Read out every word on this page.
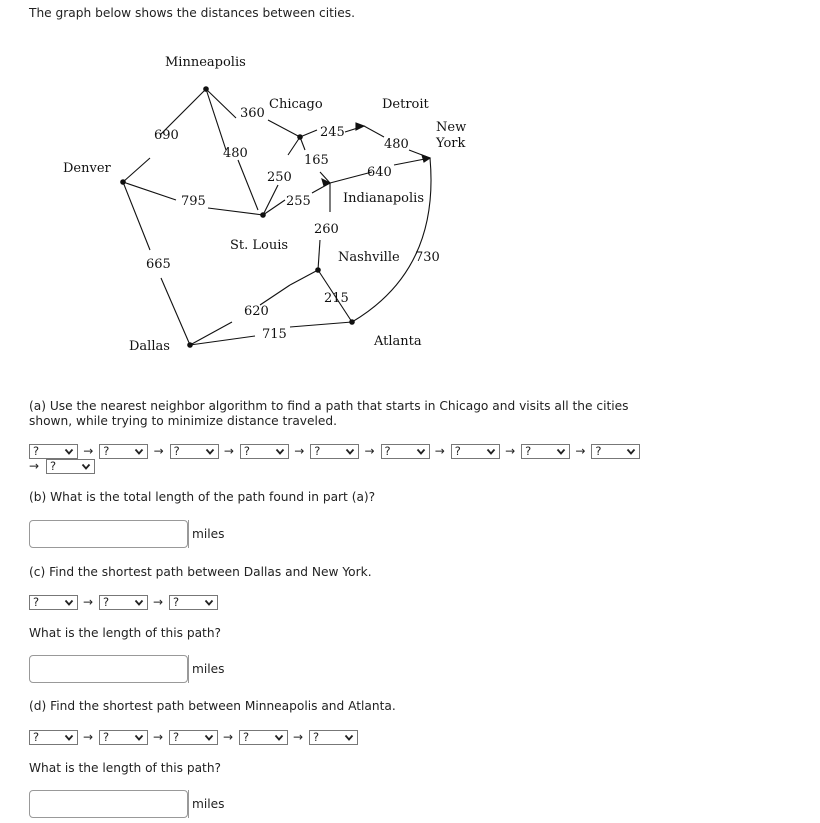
The graph below shows the distances between cities.
Minneapolis
Chicago	Detroit
New
York
Denver
Indianapolis
St. Louis
Nashville
Dallas	Atlanta
360
245
690
480
480	165
640
250
795	255
260
730
665
215
620
715
(a) Use the nearest neighbor algorithm to find a path that starts in Chicago and visits all the cities shown, while trying to minimize distance traveled.
?	→ ?	→ ?	→ ?	→ ?	→ ?	→ ?	→ ?	→ ?
→ ?
(b) What is the total length of the path found in part (a)?
miles
(c) Find the shortest path between Dallas and New York.
?	→ ?	→ ?
What is the length of this path?
miles
(d) Find the shortest path between Minneapolis and Atlanta.
?	→ ?	→ ?	→ ?	→ ?
What is the length of this path?
miles
